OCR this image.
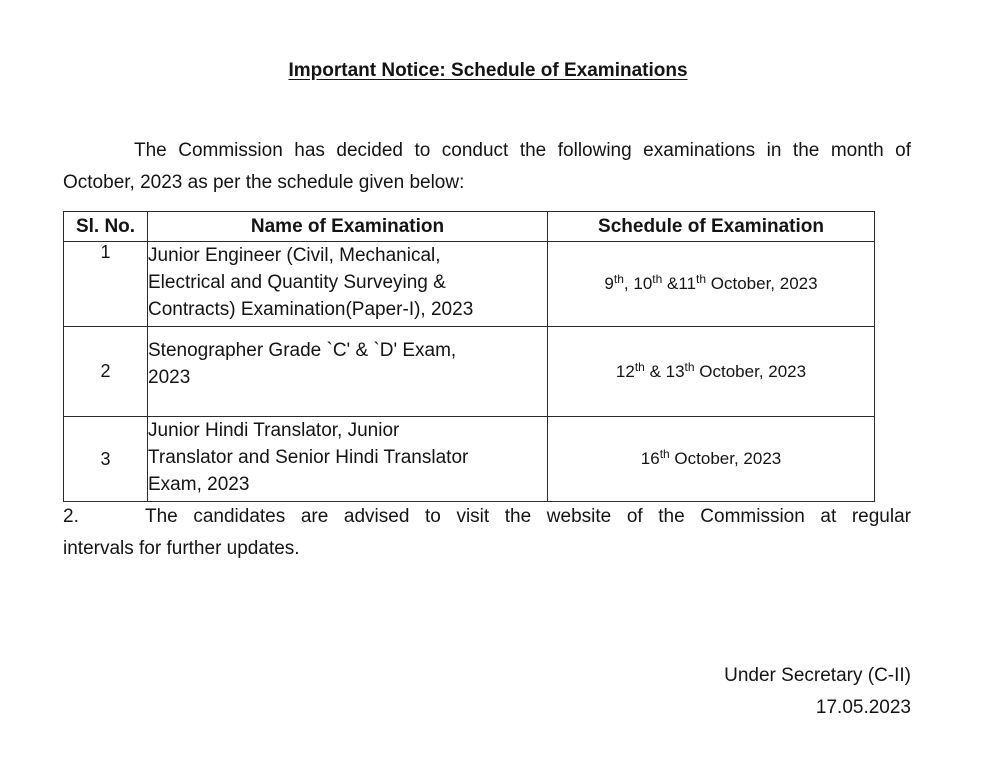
Important Notice: Schedule of Examinations
The Commission has decided to conduct the following examinations in the month of October, 2023 as per the schedule given below:
Sl. No.	Name of Examination	Schedule of Examination
1	Junior Engineer (Civil, Mechanical,
Electrical and Quantity Surveying &
Contracts) Examination(Paper-I), 2023	9th, 10th &11th October, 2023
2	Stenographer Grade `C' & `D' Exam,
2023	12th & 13th October, 2023
3	Junior Hindi Translator, Junior
Translator and Senior Hindi Translator
Exam, 2023	16th October, 2023
2.	The candidates are advised to visit the website of the Commission at regular
intervals for further updates.
Under Secretary (C-II)
17.05.2023
